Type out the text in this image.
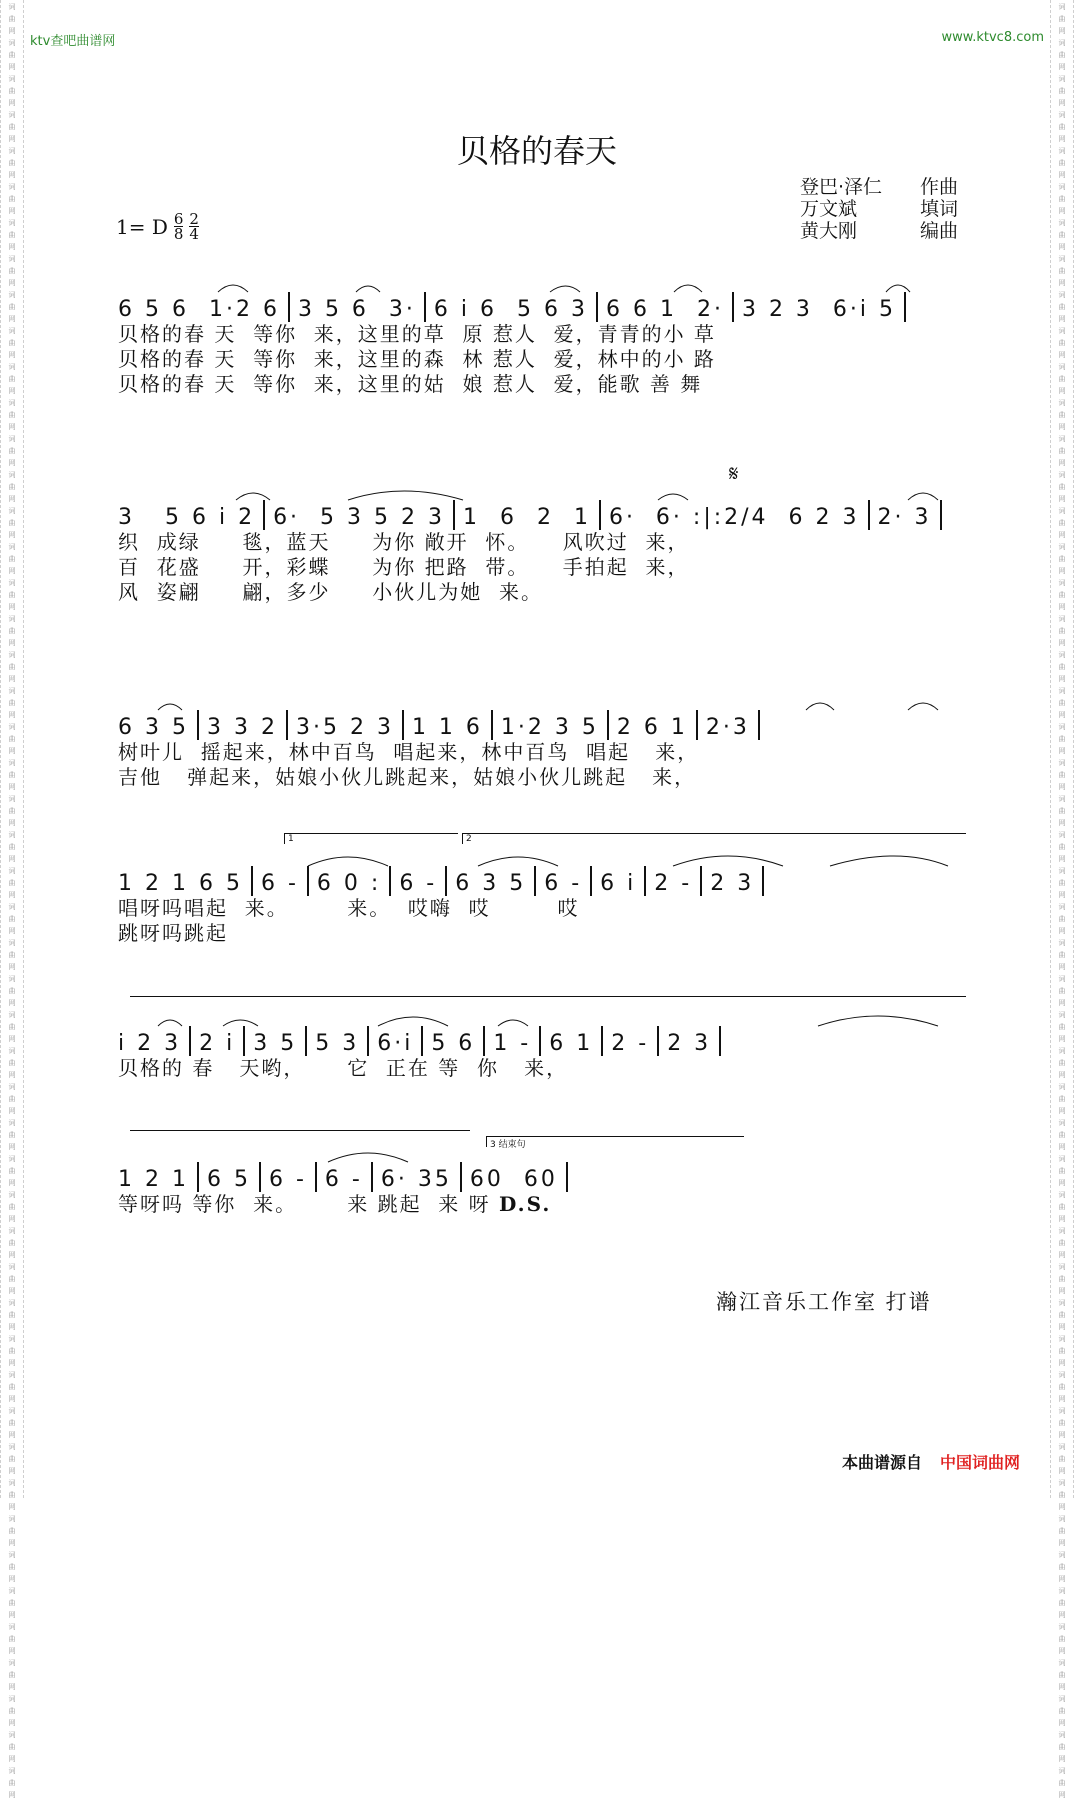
词
曲
网
词
曲
网
词
曲
网
词
曲
网
词
曲
网
词
曲
网
词
曲
网
词
曲
网
词
曲
网
词
曲
网
词
曲
网
词
曲
网
词
曲
网
词
曲
网
词
曲
网
词
曲
网
词
曲
网
词
曲
网
词
曲
网
词
曲
网
词
曲
网
词
曲
网
词
曲
网
词
曲
网
词
曲
网
词
曲
网
词
曲
网
词
曲
网
词
曲
网
词
曲
网
词
曲
网
词
曲
网
词
曲
网
词
曲
网
词
曲
网
词
曲
网
词
曲
网
词
曲
网
词
曲
网
词
曲
网
词
曲
网
词
曲
网
词
曲
网
词
曲
网
词
曲
网
词
曲
网
词
曲
网
词
曲
网
词
曲
网
词
曲
网
词
曲
网
词
曲
网
词
曲
网
词
曲
网
词
曲
网
词
曲
网
词
曲
网
词
曲
网
词
曲
网
词
曲
网
词
曲
网
词
曲
网
词
曲
网
词
曲
网
词
曲
网
词
曲
网
词
曲
网
词
曲
网
词
曲
网
词
曲
网
词
曲
网
词
曲
网
词
曲
网
词
曲
网
词
曲
网
词
曲
网
词
曲
网
词
曲
网
词
曲
网
词
曲
网
词
曲
网
词
曲
网
词
曲
网
词
曲
网
词
曲
网
词
曲
网
词
曲
网
词
曲
网
词
曲
网
词
曲
网
词
曲
网
词
曲
网
词
曲
网
词
曲
网
词
曲
网
词
曲
网
词
曲
网
词
曲
网
词
曲
网
词
曲
网
ktv查吧曲谱网	www.ktvc8.com
贝格的春天
登巴·泽仁	作曲
万文斌	填词
黄大刚	编曲
1= D $\frac{6}{8} \frac{2}{4}$
𝄋
6 5 6  1·2 6 3 5 6  3· 6 i 6  5 6 3 6 6 1  2· 3 2 3  6·i 5
贝格的春 天  等你  来，这里的草  原 惹人  爱，青青的小 草
贝格的春 天  等你  来，这里的森  林 惹人  爱，林中的小 路
贝格的春 天  等你  来，这里的姑  娘 惹人  爱，能歌 善 舞
3   5 6 i 2 6·  5 3 5 2 3 1  6  2  1 6·  6· : |:2/4  6 2 3 2· 3
织  成绿     毯，蓝天     为你 敞开  怀。    风吹过  来，
百  花盛     开，彩蝶     为你 把路  带。    手拍起  来，
风  姿翩     翩，多少     小伙儿为她  来。
6 3 5 3 3 2 3·5 2 3 1 1 6 1·2 3 5 2 6 1 2·3
树叶儿  摇起来，林中百鸟  唱起来，林中百鸟  唱起   来，
吉他   弹起来，姑娘小伙儿跳起来，姑娘小伙儿跳起   来，
1	2
1 2 1 6 5 6 - 6 0 : 6 - 6 3 5 6 - 6 i 2 - 2 3
唱呀吗唱起  来。       来。  哎嗨  哎        哎
跳呀吗跳起
i 2 3 2 i 3 5 5 3 6·i 5 6 1 - 6 1 2 - 2 3
贝格的 春   天哟，     它  正在 等  你   来，
3 结束句
1 2 1 6 5 6 - 6 - 6· 35 60  60
等呀吗 等你  来。      来 跳起  来 呀 D.S.
瀚江音乐工作室 打谱
本曲谱源自 中国词曲网
